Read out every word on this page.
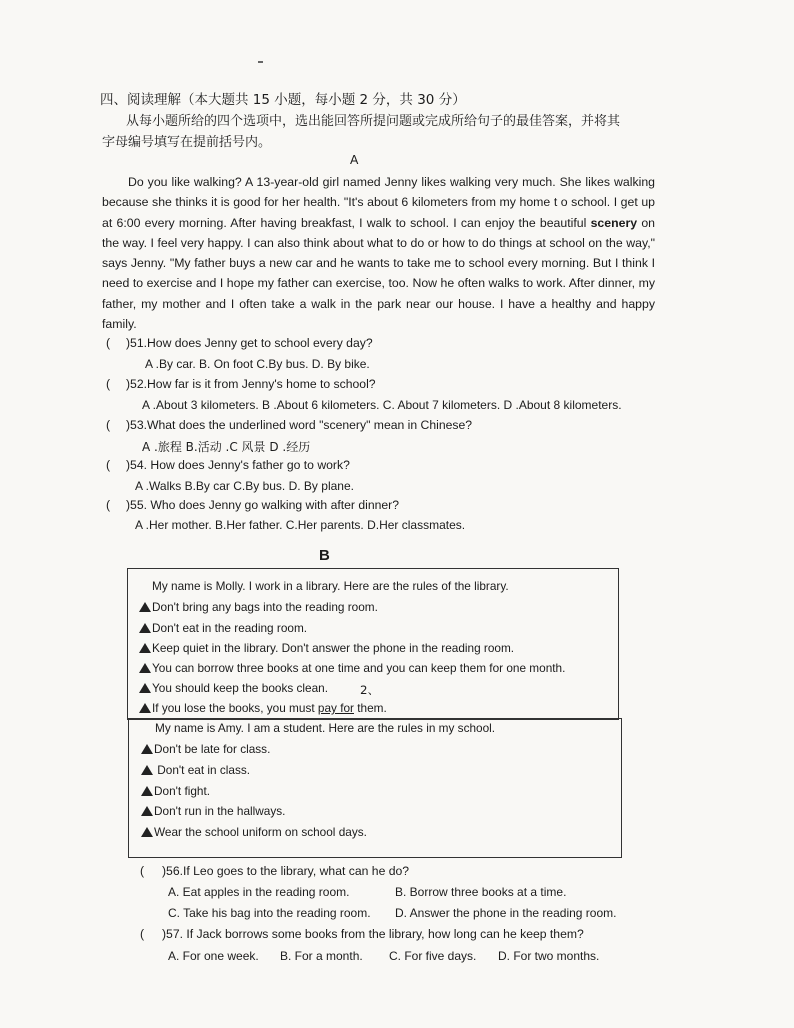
四、阅读理解（本大题共 15 小题，每小题 2 分，共 30 分）
从每小题所给的四个选项中，选出能回答所提问题或完成所给句子的最佳答案，并将其
字母编号填写在提前括号内。
A

Do you like walking? A 13-year-old girl named Jenny likes walking very much. She likes walking because she thinks it is good for her health. "It's about 6 kilometers from my home t o school. I get up at 6:00 every morning. After having breakfast, I walk to school. I can enjoy the beautiful scenery on the way. I feel very happy. I can also think about what to do or how to do things at school on the way," says Jenny. "My father buys a new car and he wants to take me to school every morning. But I think I need to exercise and I hope my father can exercise, too. Now he often walks to work. After dinner, my father, my mother and I often take a walk in the park near our house. I have a healthy and happy family.

( )51.How does Jenny get to school every day?
A .By car. B. On foot C.By bus. D. By bike.
( )52.How far is it from Jenny's home to school?
A .About 3 kilometers. B .About 6 kilometers. C. About 7 kilometers. D .About 8 kilometers.
( )53.What does the underlined word "scenery" mean in Chinese?
A .旅程 B.活动 .C 风景 D .经历
( )54. How does Jenny's father go to work?
A .Walks B.By car C.By bus. D. By plane.
( )55. Who does Jenny go walking with after dinner?
A .Her mother. B.Her father. C.Her parents. D.Her classmates.
B
My name is Molly. I work in a library. Here are the rules of the library.
Don't bring any bags into the reading room.
Don't eat in the reading room.
Keep quiet in the library. Don't answer the phone in the reading room.
You can borrow three books at one time and you can keep them for one month.
You should keep the books clean.	2、
If you lose the books, you must pay for them.
My name is Amy. I am a student. Here are the rules in my school.
Don't be late for class.
Don't eat in class.
Don't fight.
Don't run in the hallways.
Wear the school uniform on school days.
( )56.If Leo goes to the library, what can he do?
A. Eat apples in the reading room.	B. Borrow three books at a time.
C. Take his bag into the reading room. D. Answer the phone in the reading room.
( )57. If Jack borrows some books from the library, how long can he keep them?
A. For one week. B. For a month. C. For five days. D. For two months.
